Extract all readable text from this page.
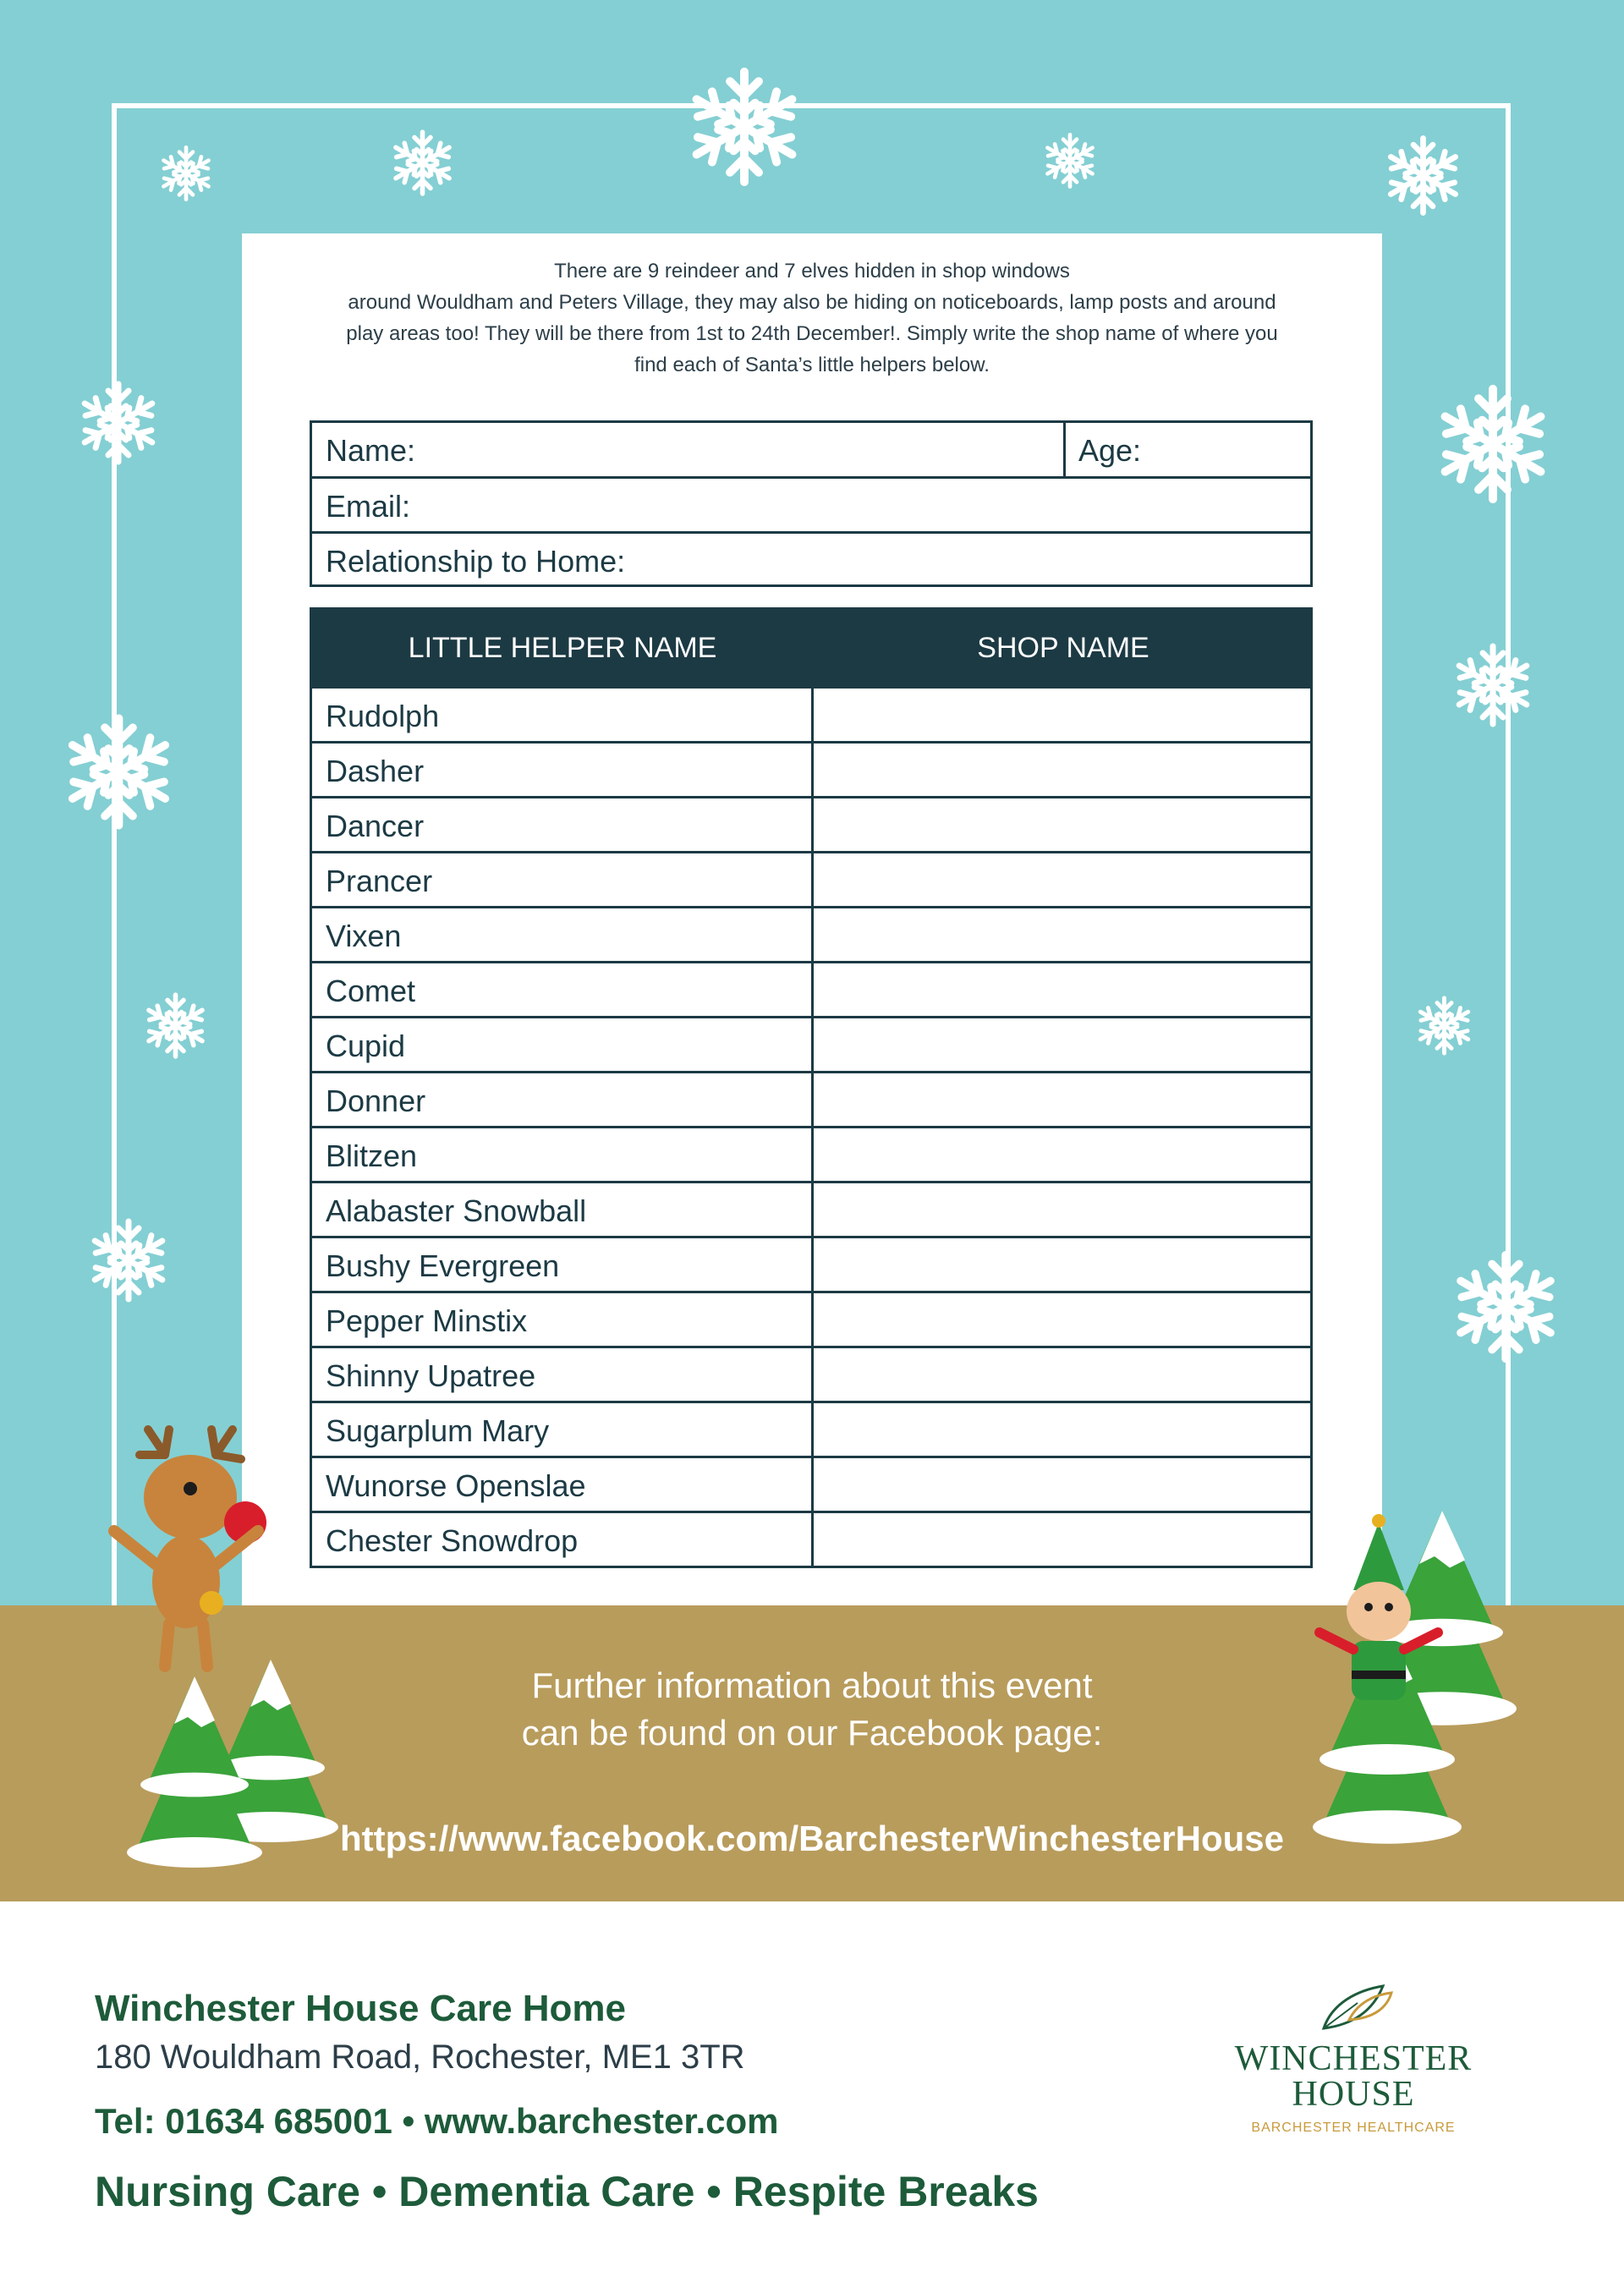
There are 9 reindeer and 7 elves hidden in shop windows
around Wouldham and Peters Village, they may also be hiding on noticeboards, lamp posts and around
play areas too! They will be there from 1st to 24th December!. Simply write the shop name of where you
find each of Santa’s little helpers below.
Name:	Age:
Email:
Relationship to Home:
LITTLE HELPER NAME	SHOP NAME
Rudolph
Dasher
Dancer
Prancer
Vixen
Comet
Cupid
Donner
Blitzen
Alabaster Snowball
Bushy Evergreen
Pepper Minstix
Shinny Upatree
Sugarplum Mary
Wunorse Openslae
Chester Snowdrop
Further information about this event
can be found on our Facebook page:
https://www.facebook.com/BarchesterWinchesterHouse
Winchester House Care Home
180 Wouldham Road, Rochester, ME1 3TR
Tel: 01634 685001 • www.barchester.com
Nursing Care • Dementia Care • Respite Breaks
WINCHESTER
HOUSE
BARCHESTER HEALTHCARE
